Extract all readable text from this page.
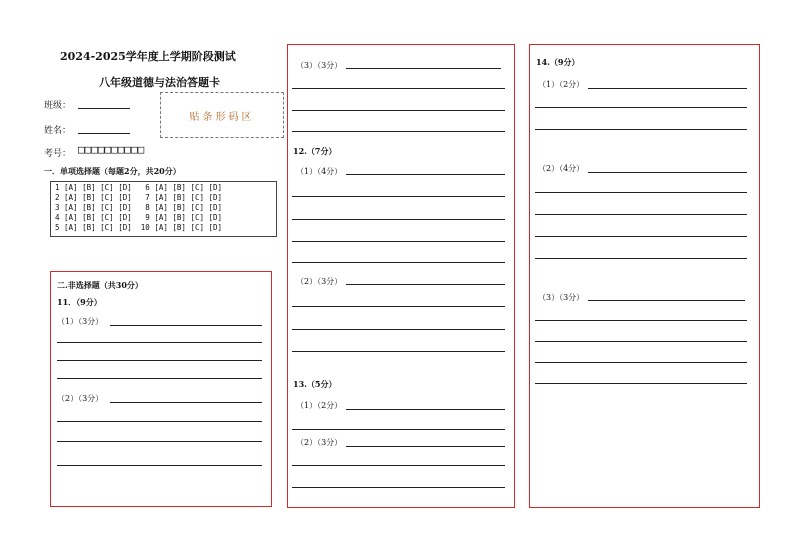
2024-2025学年度上学期阶段测试
八年级道德与法治答题卡
班级：
姓名：
考号： □□□□□□□□□□
贴条形码区
一．单项选择题（每题2分，共20分）
1 [A] [B] [C] [D]   6 [A] [B] [C] [D]
2 [A] [B] [C] [D]   7 [A] [B] [C] [D]
3 [A] [B] [C] [D]   8 [A] [B] [C] [D]
4 [A] [B] [C] [D]   9 [A] [B] [C] [D]
5 [A] [B] [C] [D]  10 [A] [B] [C] [D]
二.非选择题（共30分）
11．（9分）
（1）（3分）
（2）（3分）
（3）（3分）
12.（7分）
（1）（4分）
（2）（3分）
13.（5分）
（1）（2分）
（2）（3分）
14.（9分）
（1）（2分）
（2）（4分）
（3）（3分）
